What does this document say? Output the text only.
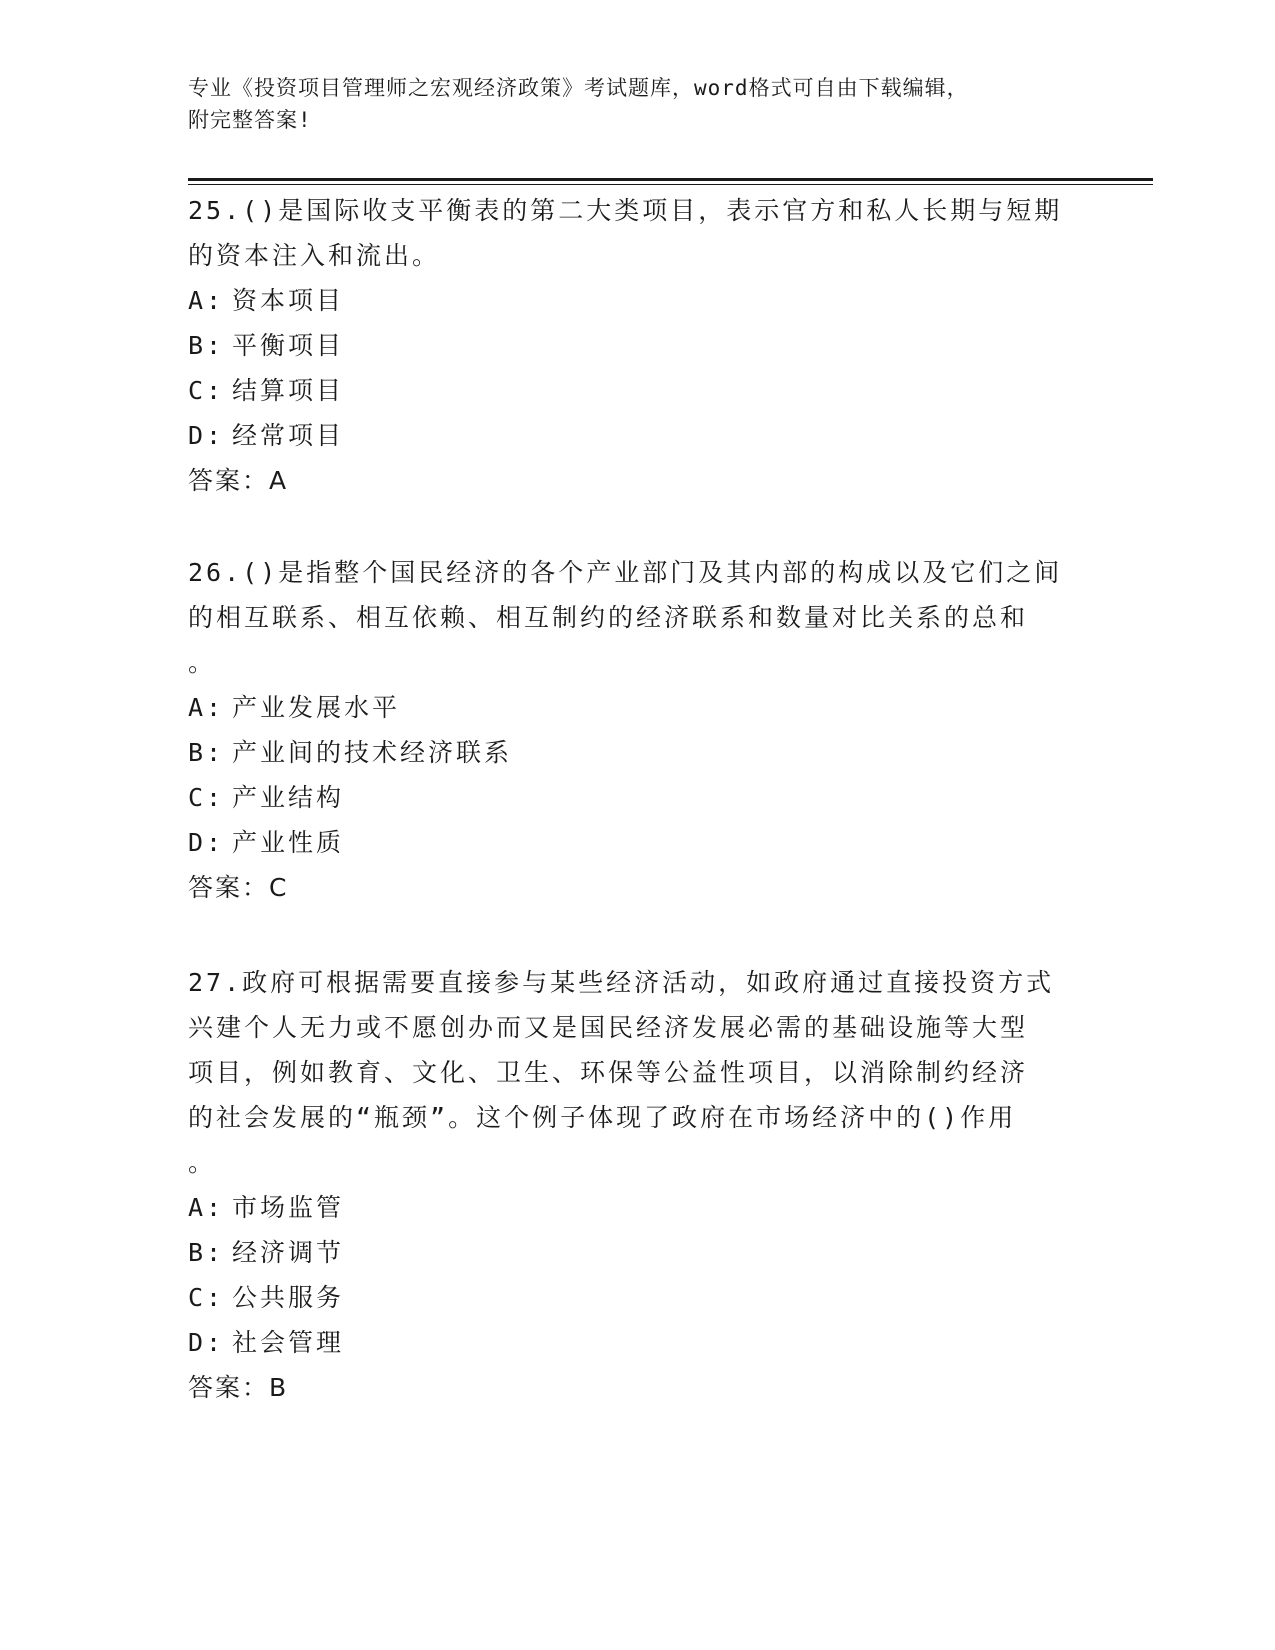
专业《投资项目管理师之宏观经济政策》考试题库，word格式可自由下载编辑，
附完整答案!

25.()是国际收支平衡表的第二大类项目，表示官方和私人长期与短期

的资本注入和流出。

A: 资本项目

B: 平衡项目

C: 结算项目

D: 经常项目

答案：A

26.()是指整个国民经济的各个产业部门及其内部的构成以及它们之间

的相互联系、相互依赖、相互制约的经济联系和数量对比关系的总和

。

A: 产业发展水平

B: 产业间的技术经济联系

C: 产业结构

D: 产业性质

答案：C

27.政府可根据需要直接参与某些经济活动，如政府通过直接投资方式

兴建个人无力或不愿创办而又是国民经济发展必需的基础设施等大型

项目，例如教育、文化、卫生、环保等公益性项目，以消除制约经济

的社会发展的“瓶颈”。这个例子体现了政府在市场经济中的()作用

。

A: 市场监管

B: 经济调节

C: 公共服务

D: 社会管理

答案：B
